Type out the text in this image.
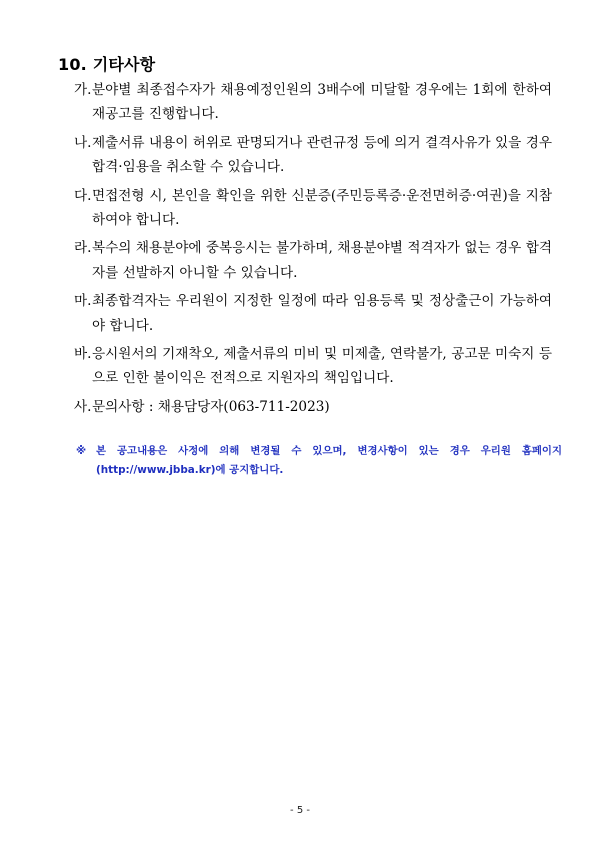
10. 기타사항
가. 분야별 최종접수자가 채용예정인원의 3배수에 미달할 경우에는 1회에 한하여 재공고를 진행합니다.
나. 제출서류 내용이 허위로 판명되거나 관련규정 등에 의거 결격사유가 있을 경우 합격·임용을 취소할 수 있습니다.
다. 면접전형 시, 본인을 확인을 위한 신분증(주민등록증·운전면허증·여권)을 지참하여야 합니다.
라. 복수의 채용분야에 중복응시는 불가하며, 채용분야별 적격자가 없는 경우 합격자를 선발하지 아니할 수 있습니다.
마. 최종합격자는 우리원이 지정한 일정에 따라 임용등록 및 정상출근이 가능하여야 합니다.
바. 응시원서의 기재착오, 제출서류의 미비 및 미제출, 연락불가, 공고문 미숙지 등으로 인한 불이익은 전적으로 지원자의 책임입니다.
사. 문의사항 : 채용담당자(063-711-2023)
※ 본 공고내용은 사정에 의해 변경될 수 있으며, 변경사항이 있는 경우 우리원 홈페이지(http://www.jbba.kr)에 공지합니다.
- 5 -
